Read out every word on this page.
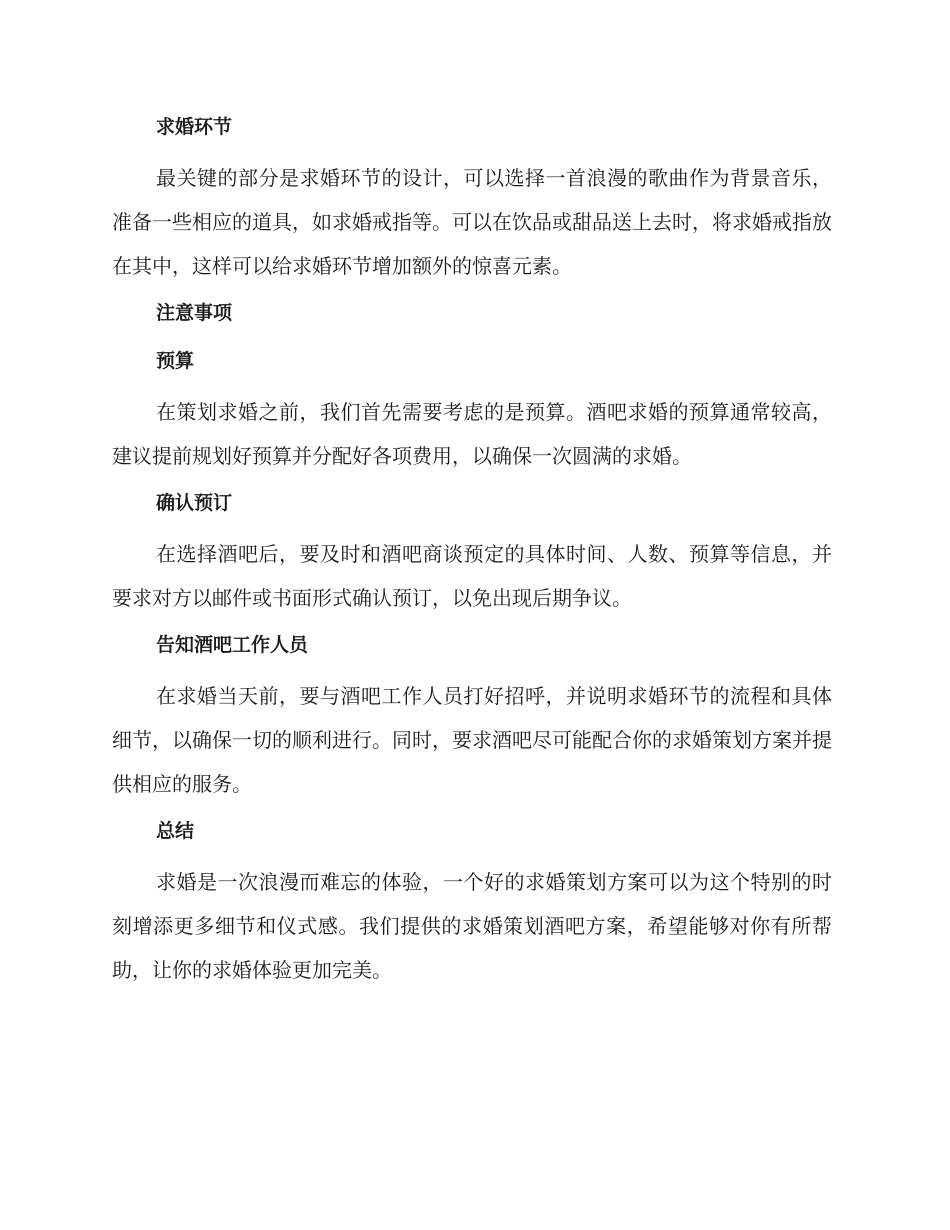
求婚环节
最关键的部分是求婚环节的设计，可以选择一首浪漫的歌曲作为背景音乐，准备一些相应的道具，如求婚戒指等。可以在饮品或甜品送上去时，将求婚戒指放在其中，这样可以给求婚环节增加额外的惊喜元素。
注意事项
预算
在策划求婚之前，我们首先需要考虑的是预算。酒吧求婚的预算通常较高，建议提前规划好预算并分配好各项费用，以确保一次圆满的求婚。
确认预订
在选择酒吧后，要及时和酒吧商谈预定的具体时间、人数、预算等信息，并要求对方以邮件或书面形式确认预订，以免出现后期争议。
告知酒吧工作人员
在求婚当天前，要与酒吧工作人员打好招呼，并说明求婚环节的流程和具体细节，以确保一切的顺利进行。同时，要求酒吧尽可能配合你的求婚策划方案并提供相应的服务。
总结
求婚是一次浪漫而难忘的体验，一个好的求婚策划方案可以为这个特别的时刻增添更多细节和仪式感。我们提供的求婚策划酒吧方案，希望能够对你有所帮助，让你的求婚体验更加完美。
